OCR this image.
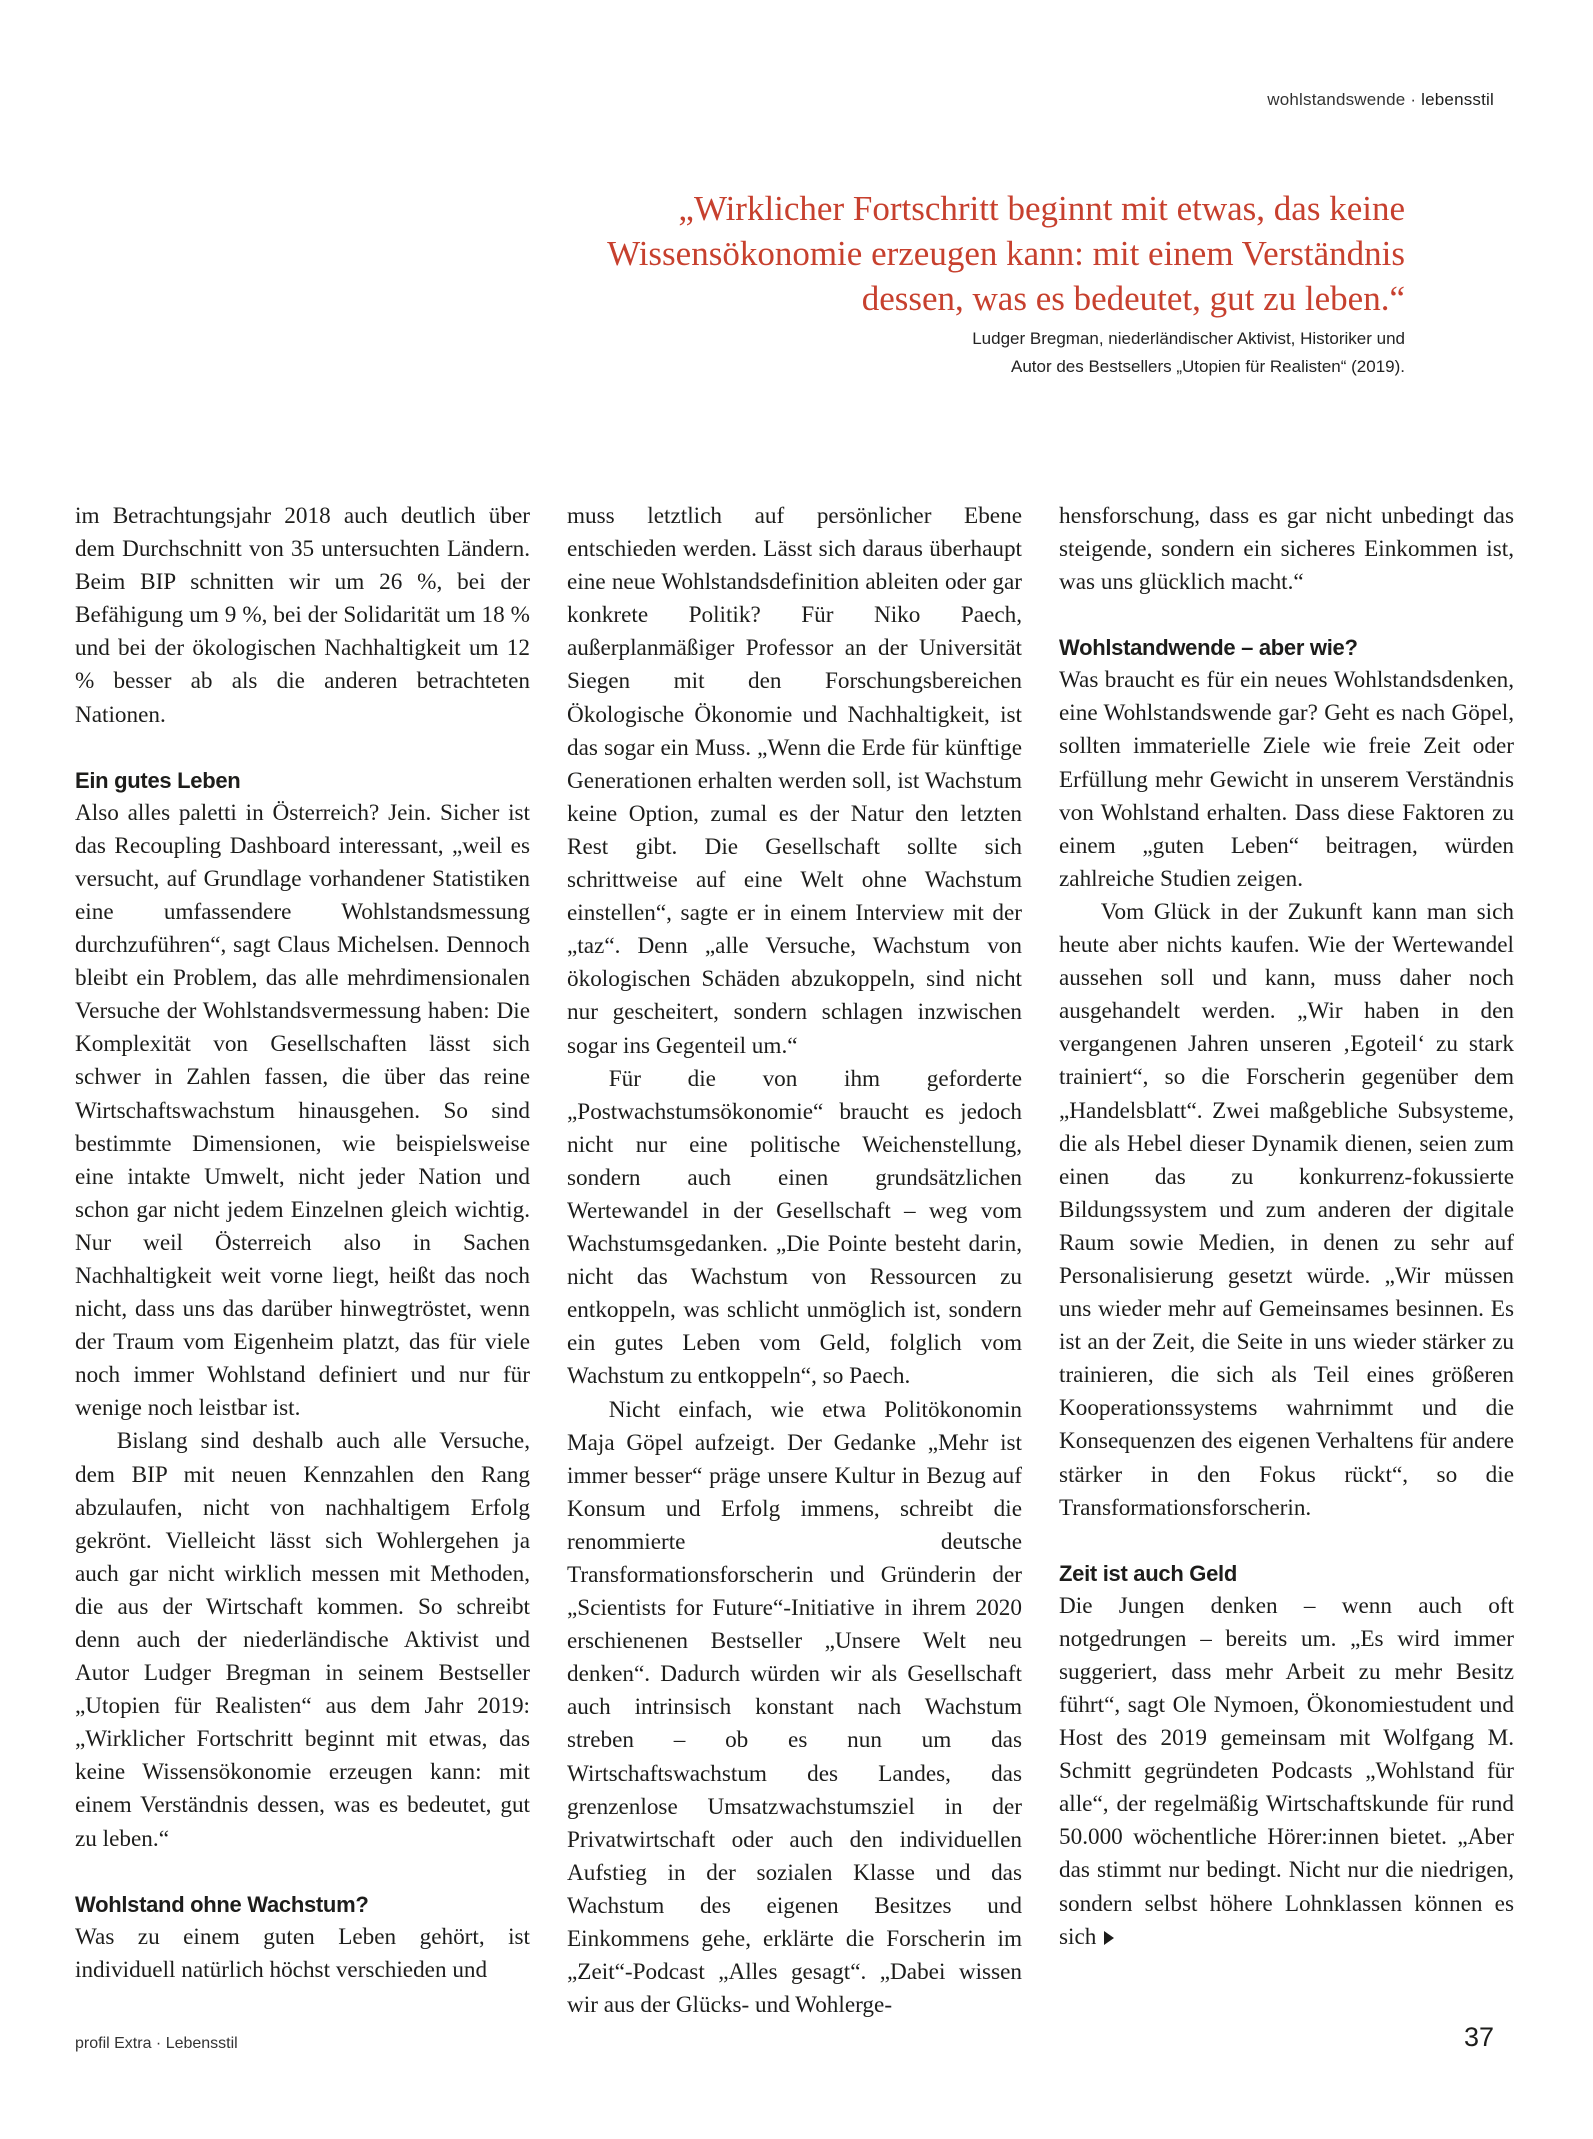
wohlstandswende · lebensstil
„Wirklicher Fortschritt beginnt mit etwas, das keine Wissensökonomie erzeugen kann: mit einem Verständnis dessen, was es bedeutet, gut zu leben.“
Ludger Bregman, niederländischer Aktivist, Historiker und
Autor des Bestsellers „Utopien für Realisten“ (2019).

im Betrachtungsjahr 2018 auch deutlich über dem Durchschnitt von 35 untersuchten Ländern. Beim BIP schnitten wir um 26 %, bei der Befähigung um 9 %, bei der Solidarität um 18 % und bei der ökologischen Nachhaltigkeit um 12 % besser ab als die anderen betrachteten Nationen.

Ein gutes Leben

Also alles paletti in Österreich? Jein. Sicher ist das Recoupling Dashboard interessant, „weil es versucht, auf Grundlage vorhandener Statistiken eine umfassendere Wohlstandsmessung durchzuführen“, sagt Claus Michelsen. Dennoch bleibt ein Problem, das alle mehrdimensionalen Versuche der Wohlstandsvermessung haben: Die Komplexität von Gesellschaften lässt sich schwer in Zahlen fassen, die über das reine Wirtschaftswachstum hinausgehen. So sind bestimmte Dimensionen, wie beispielsweise eine intakte Umwelt, nicht jeder Nation und schon gar nicht jedem Einzelnen gleich wichtig. Nur weil Österreich also in Sachen Nachhaltigkeit weit vorne liegt, heißt das noch nicht, dass uns das darüber hinwegtröstet, wenn der Traum vom Eigenheim platzt, das für viele noch immer Wohlstand definiert und nur für wenige noch leistbar ist.

Bislang sind deshalb auch alle Versuche, dem BIP mit neuen Kennzahlen den Rang abzulaufen, nicht von nachhaltigem Erfolg gekrönt. Vielleicht lässt sich Wohlergehen ja auch gar nicht wirklich messen mit Methoden, die aus der Wirtschaft kommen. So schreibt denn auch der niederländische Aktivist und Autor Ludger Bregman in seinem Bestseller „Utopien für Realisten“ aus dem Jahr 2019: „Wirklicher Fortschritt beginnt mit etwas, das keine Wissensökonomie erzeugen kann: mit einem Verständnis dessen, was es bedeutet, gut zu leben.“

Wohlstand ohne Wachstum?

Was zu einem guten Leben gehört, ist individuell natürlich höchst verschieden und

muss letztlich auf persönlicher Ebene entschieden werden. Lässt sich daraus überhaupt eine neue Wohlstandsdefinition ableiten oder gar konkrete Politik? Für Niko Paech, außerplanmäßiger Professor an der Universität Siegen mit den Forschungsbereichen Ökologische Ökonomie und Nachhaltigkeit, ist das sogar ein Muss. „Wenn die Erde für künftige Generationen erhalten werden soll, ist Wachstum keine Option, zumal es der Natur den letzten Rest gibt. Die Gesellschaft sollte sich schrittweise auf eine Welt ohne Wachstum einstellen“, sagte er in einem Interview mit der „taz“. Denn „alle Versuche, Wachstum von ökologischen Schäden abzukoppeln, sind nicht nur gescheitert, sondern schlagen inzwischen sogar ins Gegenteil um.“

Für die von ihm geforderte „Postwachstumsökonomie“ braucht es jedoch nicht nur eine politische Weichenstellung, sondern auch einen grundsätzlichen Wertewandel in der Gesellschaft – weg vom Wachstumsgedanken. „Die Pointe besteht darin, nicht das Wachstum von Ressourcen zu entkoppeln, was schlicht unmöglich ist, sondern ein gutes Leben vom Geld, folglich vom Wachstum zu entkoppeln“, so Paech.

Nicht einfach, wie etwa Politökonomin Maja Göpel aufzeigt. Der Gedanke „Mehr ist immer besser“ präge unsere Kultur in Bezug auf Konsum und Erfolg immens, schreibt die renommierte deutsche Transformationsforscherin und Gründerin der „Scientists for Future“-Initiative in ihrem 2020 erschienenen Bestseller „Unsere Welt neu denken“. Dadurch würden wir als Gesellschaft auch intrinsisch konstant nach Wachstum streben – ob es nun um das Wirtschaftswachstum des Landes, das grenzenlose Umsatzwachstumsziel in der Privatwirtschaft oder auch den individuellen Aufstieg in der sozialen Klasse und das Wachstum des eigenen Besitzes und Einkommens gehe, erklärte die Forscherin im „Zeit“-Podcast „Alles gesagt“. „Dabei wissen wir aus der Glücks- und Wohlerge-

hensforschung, dass es gar nicht unbedingt das steigende, sondern ein sicheres Einkommen ist, was uns glücklich macht.“

Wohlstandwende – aber wie?

Was braucht es für ein neues Wohlstandsdenken, eine Wohlstandswende gar? Geht es nach Göpel, sollten immaterielle Ziele wie freie Zeit oder Erfüllung mehr Gewicht in unserem Verständnis von Wohlstand erhalten. Dass diese Faktoren zu einem „guten Leben“ beitragen, würden zahlreiche Studien zeigen.

Vom Glück in der Zukunft kann man sich heute aber nichts kaufen. Wie der Wertewandel aussehen soll und kann, muss daher noch ausgehandelt werden. „Wir haben in den vergangenen Jahren unseren ‚Egoteil‘ zu stark trainiert“, so die Forscherin gegenüber dem „Handelsblatt“. Zwei maßgebliche Subsysteme, die als Hebel dieser Dynamik dienen, seien zum einen das zu konkurrenz-fokussierte Bildungssystem und zum anderen der digitale Raum sowie Medien, in denen zu sehr auf Personalisierung gesetzt würde. „Wir müssen uns wieder mehr auf Gemeinsames besinnen. Es ist an der Zeit, die Seite in uns wieder stärker zu trainieren, die sich als Teil eines größeren Kooperationssystems wahrnimmt und die Konsequenzen des eigenen Verhaltens für andere stärker in den Fokus rückt“, so die Transformationsforscherin.

Zeit ist auch Geld

Die Jungen denken – wenn auch oft notgedrungen – bereits um. „Es wird immer suggeriert, dass mehr Arbeit zu mehr Besitz führt“, sagt Ole Nymoen, Ökonomiestudent und Host des 2019 gemeinsam mit Wolfgang M. Schmitt gegründeten Podcasts „Wohlstand für alle“, der regelmäßig Wirtschaftskunde für rund 50.000 wöchentliche Hörer:innen bietet. „Aber das stimmt nur bedingt. Nicht nur die niedrigen, sondern selbst höhere Lohnklassen können es sich

profil Extra · Lebensstil	37
